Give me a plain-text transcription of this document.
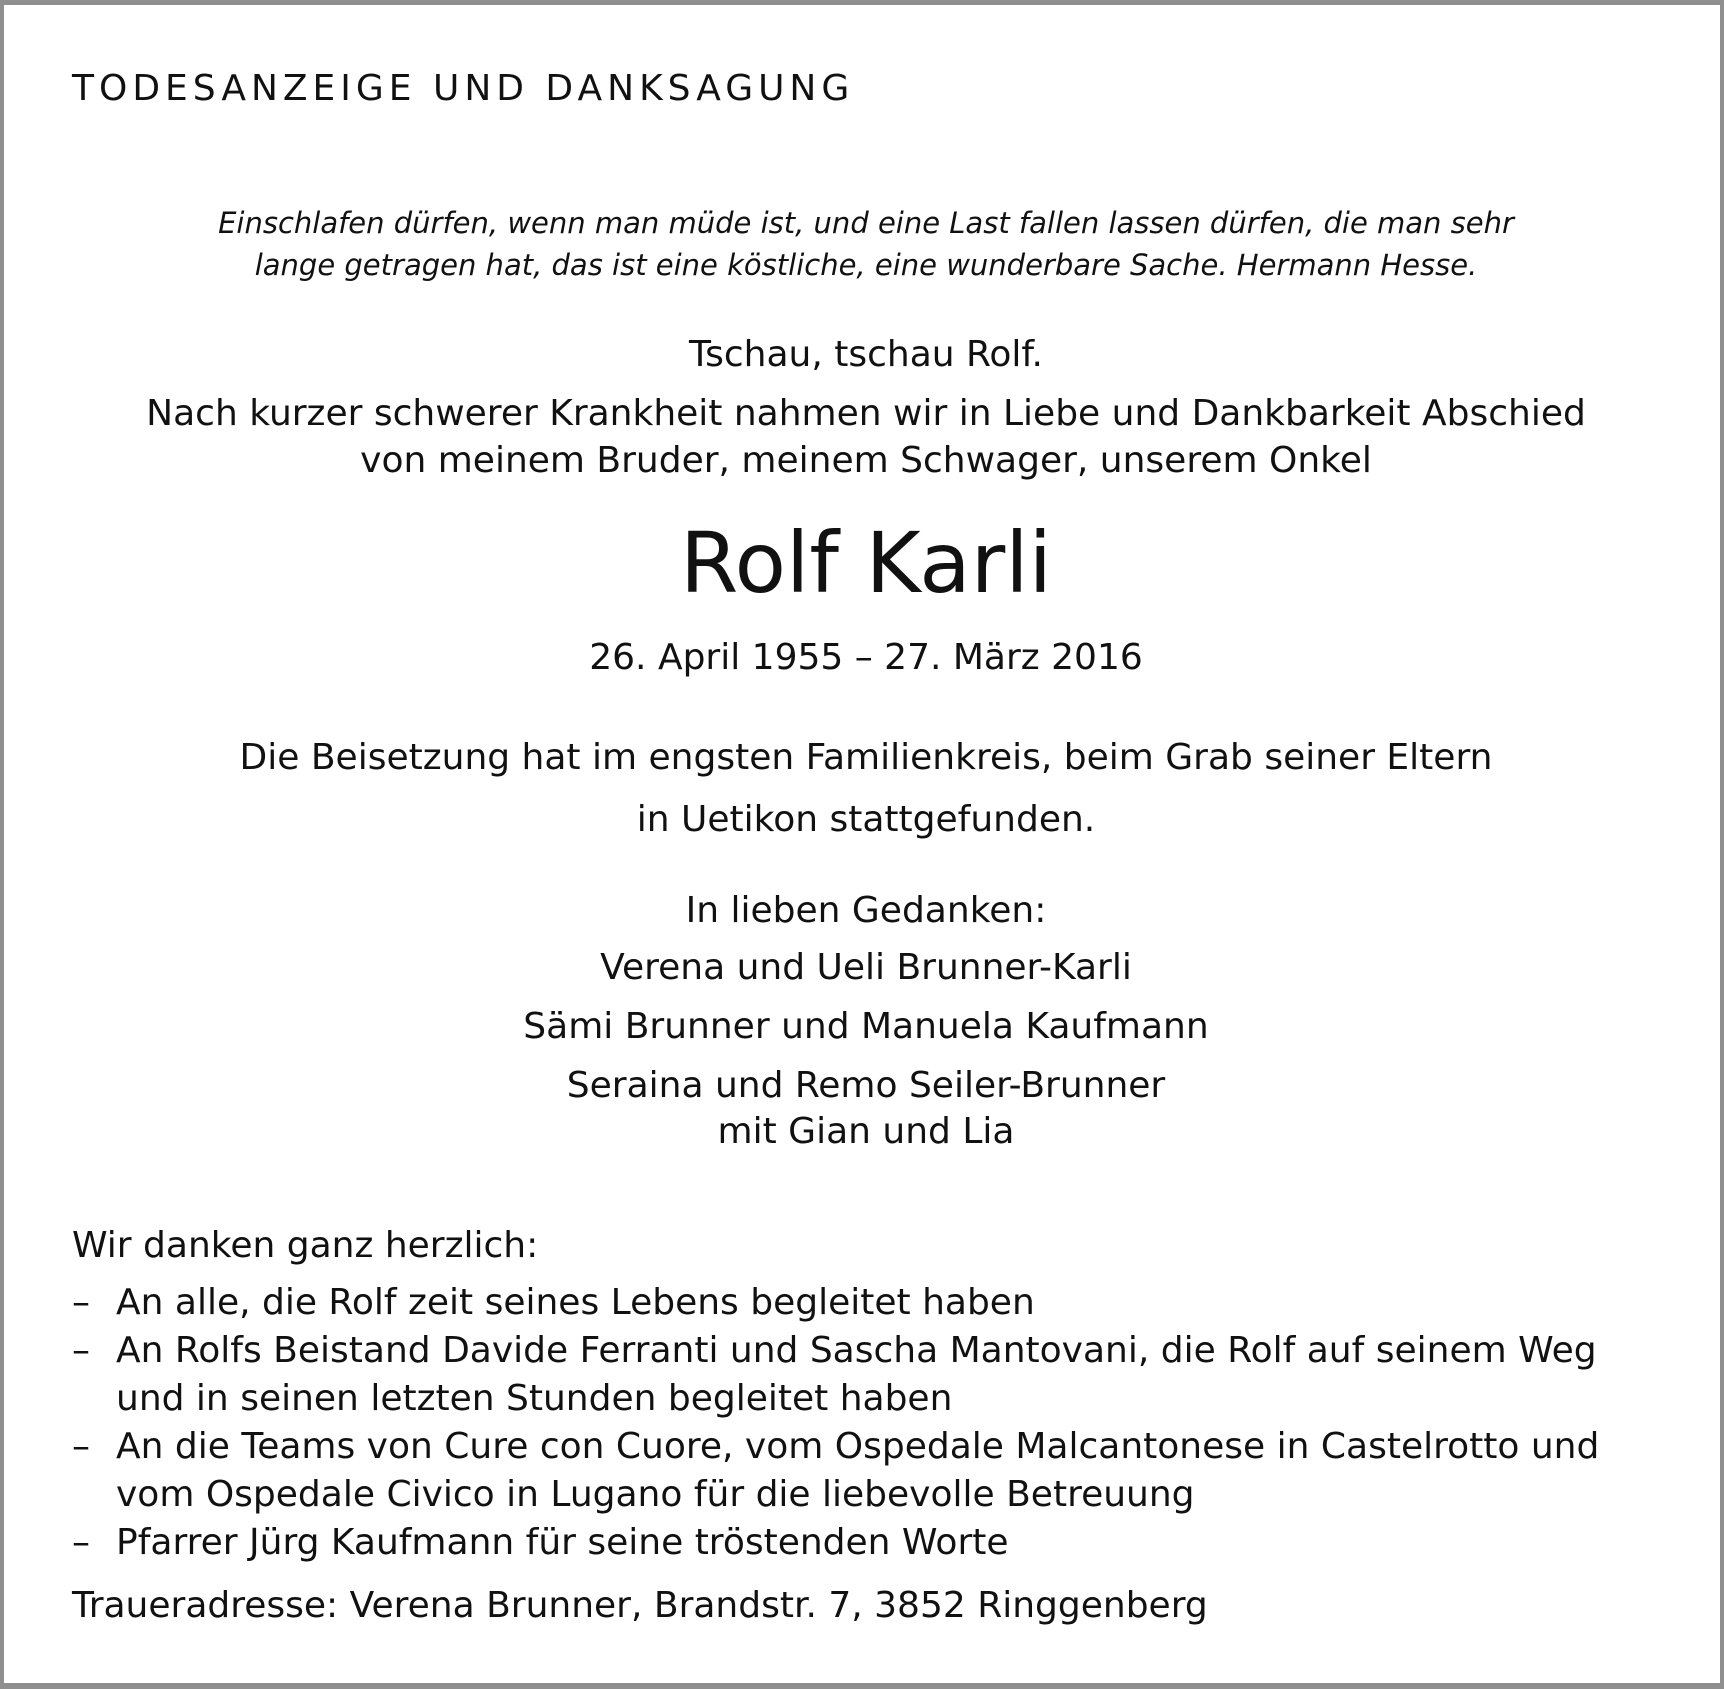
TODESANZEIGE UND DANKSAGUNG
Einschlafen dürfen, wenn man müde ist, und eine Last fallen lassen dürfen, die man sehr
lange getragen hat, das ist eine köstliche, eine wunderbare Sache. Hermann Hesse.
Tschau, tschau Rolf.
Nach kurzer schwerer Krankheit nahmen wir in Liebe und Dankbarkeit Abschied
von meinem Bruder, meinem Schwager, unserem Onkel
Rolf Karli
26. April 1955 – 27. März 2016
Die Beisetzung hat im engsten Familienkreis, beim Grab seiner Eltern
in Uetikon stattgefunden.
In lieben Gedanken:
Verena und Ueli Brunner-Karli
Sämi Brunner und Manuela Kaufmann
Seraina und Remo Seiler-Brunner
mit Gian und Lia
Wir danken ganz herzlich:
– An alle, die Rolf zeit seines Lebens begleitet haben
– An Rolfs Beistand Davide Ferranti und Sascha Mantovani, die Rolf auf seinem Weg
und in seinen letzten Stunden begleitet haben
– An die Teams von Cure con Cuore, vom Ospedale Malcantonese in Castelrotto und
vom Ospedale Civico in Lugano für die liebevolle Betreuung
– Pfarrer Jürg Kaufmann für seine tröstenden Worte
Traueradresse: Verena Brunner, Brandstr. 7, 3852 Ringgenberg
